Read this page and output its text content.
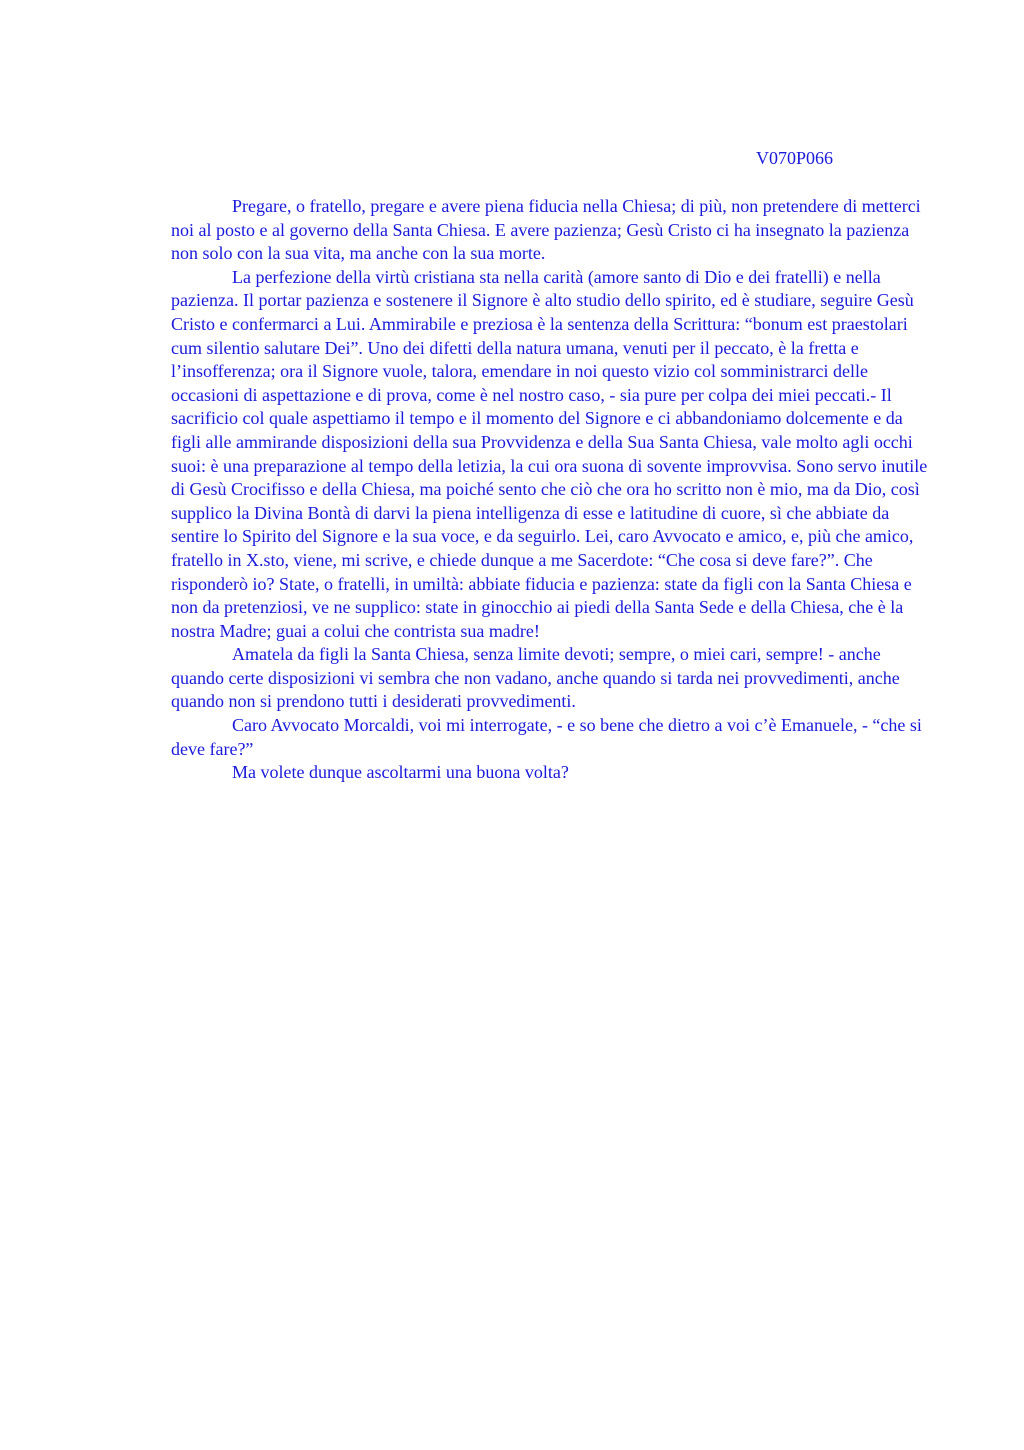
V070P066

Pregare, o fratello, pregare e avere piena fiducia nella Chiesa; di più, non pretendere di metterci noi al posto e al governo della Santa Chiesa. E avere pazienza; Gesù Cristo ci ha insegnato la pazienza non solo con la sua vita, ma anche con la sua morte.

La perfezione della virtù cristiana sta nella carità (amore santo di Dio e dei fratelli) e nella pazienza. Il portar pazienza e sostenere il Signore è alto studio dello spirito, ed è studiare, seguire Gesù Cristo e confermarci a Lui. Ammirabile e preziosa è la sentenza della Scrittura: “bonum est praestolari cum silentio salutare Dei”. Uno dei difetti della natura umana, venuti per il peccato, è la fretta e l’insofferenza; ora il Signore vuole, talora, emendare in noi questo vizio col somministrarci delle occasioni di aspettazione e di prova, come è nel nostro caso, - sia pure per colpa dei miei peccati.- Il sacrificio col quale aspettiamo il tempo e il momento del Signore e ci abbandoniamo dolcemente e da figli alle ammirande disposizioni della sua Provvidenza e della Sua Santa Chiesa, vale molto agli occhi suoi: è una preparazione al tempo della letizia, la cui ora suona di sovente improvvisa. Sono servo inutile di Gesù Crocifisso e della Chiesa, ma poiché sento che ciò che ora ho scritto non è mio, ma da Dio, così supplico la Divina Bontà di darvi la piena intelligenza di esse e latitudine di cuore, sì che abbiate da sentire lo Spirito del Signore e la sua voce, e da seguirlo. Lei, caro Avvocato e amico, e, più che amico, fratello in X.sto, viene, mi scrive, e chiede dunque a me Sacerdote: “Che cosa si deve fare?”. Che risponderò io? State, o fratelli, in umiltà: abbiate fiducia e pazienza: state da figli con la Santa Chiesa e non da pretenziosi, ve ne supplico: state in ginocchio ai piedi della Santa Sede e della Chiesa, che è la nostra Madre; guai a colui che contrista sua madre!

Amatela da figli la Santa Chiesa, senza limite devoti; sempre, o miei cari, sempre! - anche quando certe disposizioni vi sembra che non vadano, anche quando si tarda nei provvedimenti, anche quando non si prendono tutti i desiderati provvedimenti.

Caro Avvocato Morcaldi, voi mi interrogate, - e so bene che dietro a voi c’è Emanuele, - “che si deve fare?”

Ma volete dunque ascoltarmi una buona volta?
